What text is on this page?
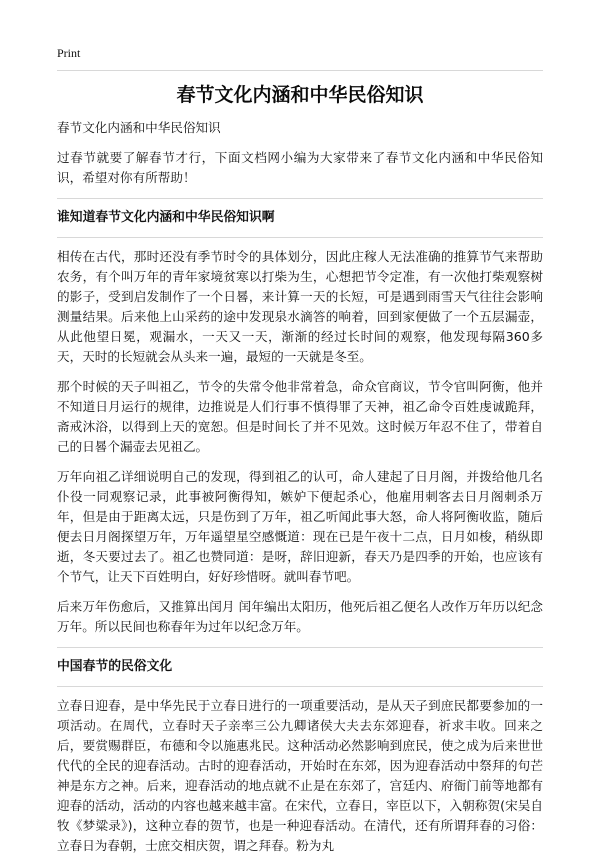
Print
春节文化内涵和中华民俗知识

春节文化内涵和中华民俗知识

过春节就要了解春节才行，下面文档网小编为大家带来了春节文化内涵和中华民俗知识，希望对你有所帮助！

谁知道春节文化内涵和中华民俗知识啊

相传在古代，那时还没有季节时令的具体划分，因此庄稼人无法准确的推算节气来帮助农务，有个叫万年的青年家境贫寒以打柴为生，心想把节令定准，有一次他打柴观察树的影子，受到启发制作了一个日晷，来计算一天的长短，可是遇到雨雪天气往往会影响测量结果。后来他上山采药的途中发现泉水滴答的响着，回到家便做了一个五层漏壶，从此他望日冕，观漏水，一天又一天，渐渐的经过长时间的观察，他发现每隔360多天，天时的长短就会从头来一遍，最短的一天就是冬至。

那个时候的天子叫祖乙，节令的失常令他非常着急，命众官商议，节令官叫阿衡，他并不知道日月运行的规律，边推说是人们行事不慎得罪了天神，祖乙命令百姓虔诚跪拜，斋戒沐浴，以得到上天的宽恕。但是时间长了并不见效。这时候万年忍不住了，带着自己的日晷个漏壶去见祖乙。

万年向祖乙详细说明自己的发现，得到祖乙的认可，命人建起了日月阁，并拨给他几名仆役一同观察记录，此事被阿衡得知，嫉妒下便起杀心，他雇用刺客去日月阁刺杀万年，但是由于距离太远，只是伤到了万年，祖乙听闻此事大怒，命人将阿衡收监，随后便去日月阁探望万年，万年遥望星空感慨道：现在已是午夜十二点，日月如梭，稍纵即逝，冬天要过去了。祖乙也赞同道：是呀，辞旧迎新，春天乃是四季的开始，也应该有个节气，让天下百姓明白，好好珍惜呀。就叫春节吧。

后来万年伤愈后，又推算出闰月 闰年编出太阳历，他死后祖乙便名人改作万年历以纪念万年。所以民间也称春年为过年以纪念万年。

中国春节的民俗文化

立春日迎春，是中华先民于立春日进行的一项重要活动，是从天子到庶民都要参加的一项活动。在周代，立春时天子亲率三公九卿诸侯大夫去东郊迎春，祈求丰收。回来之后，要赏赐群臣，布德和令以施惠兆民。这种活动必然影响到庶民，使之成为后来世世代代的全民的迎春活动。古时的迎春活动，开始时在东郊，因为迎春活动中祭拜的句芒神是东方之神。后来，迎春活动的地点就不止是在东郊了，宫廷内、府衙门前等地都有迎春的活动，活动的内容也越来越丰富。在宋代，立春日，宰臣以下，入朝称贺(宋吴自牧《梦粱录》)，这种立春的贺节，也是一种迎春活动。在清代，还有所谓拜春的习俗：立春日为春朝，士庶交相庆贺，谓之拜春。粉为丸
